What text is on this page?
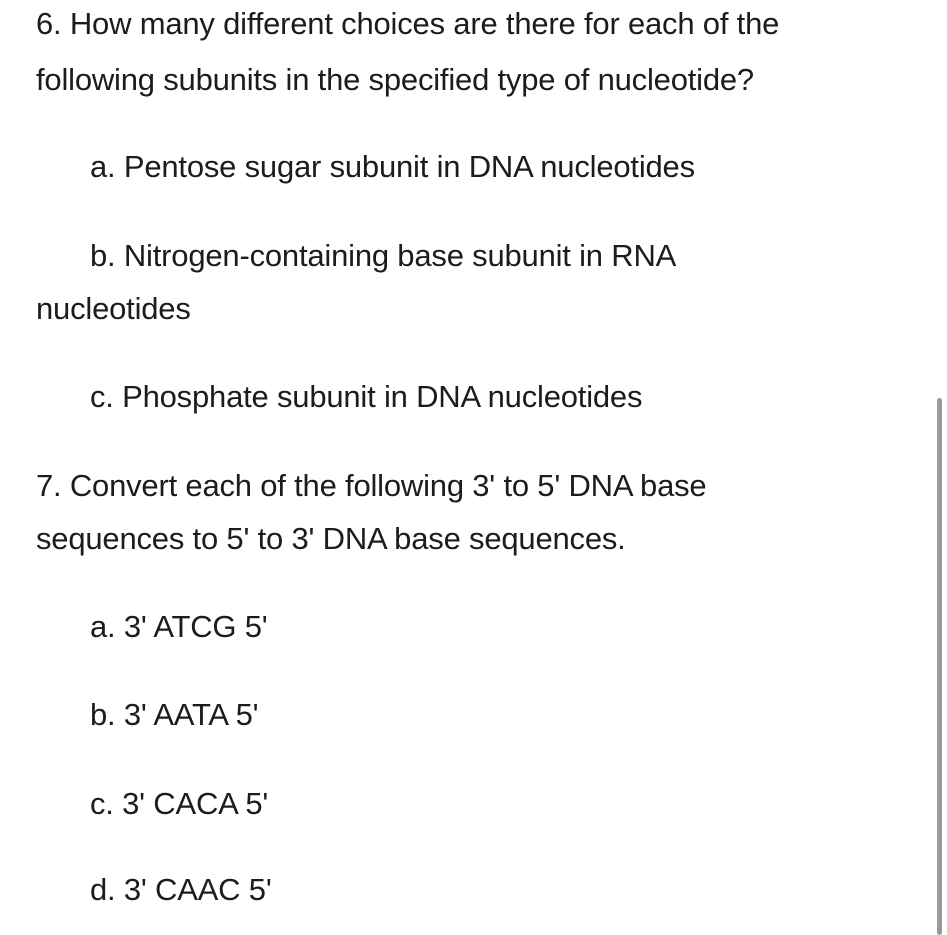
6. How many different choices are there for each of the
following subunits in the specified type of nucleotide?
a. Pentose sugar subunit in DNA nucleotides
b. Nitrogen-containing base subunit in RNA
nucleotides
c. Phosphate subunit in DNA nucleotides
7. Convert each of the following 3' to 5' DNA base
sequences to 5' to 3' DNA base sequences.
a. 3' ATCG 5'
b. 3' AATA 5'
c. 3' CACA 5'
d. 3' CAAC 5'
